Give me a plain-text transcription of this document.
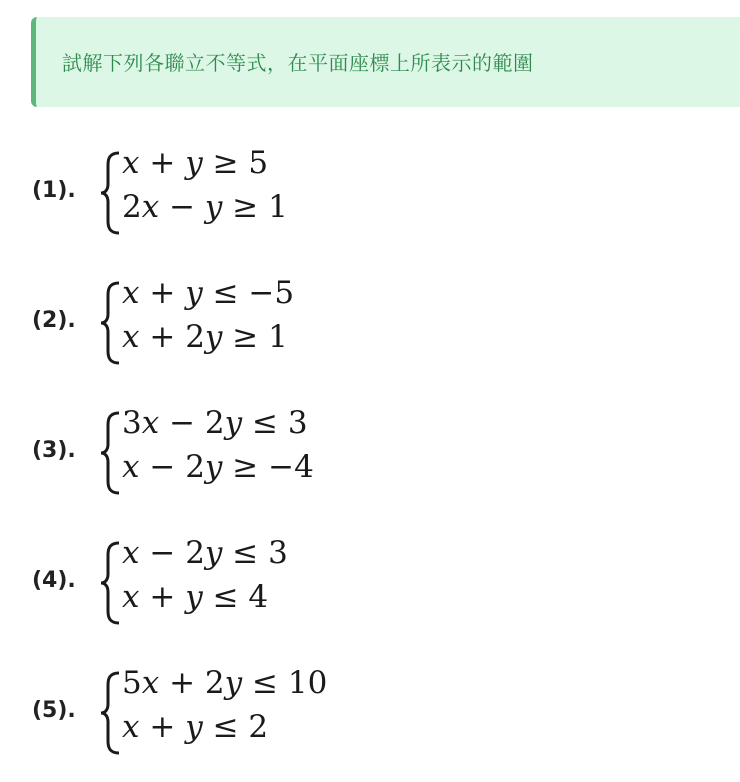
試解下列各聯立不等式，在平面座標上所表示的範圍
(1).
x + y ≥ 5
2x − y ≥ 1
(2).
x + y ≤ −5
x + 2y ≥ 1
(3).
3x − 2y ≤ 3
x − 2y ≥ −4
(4).
x − 2y ≤ 3
x + y ≤ 4
(5).
5x + 2y ≤ 10
x + y ≤ 2
